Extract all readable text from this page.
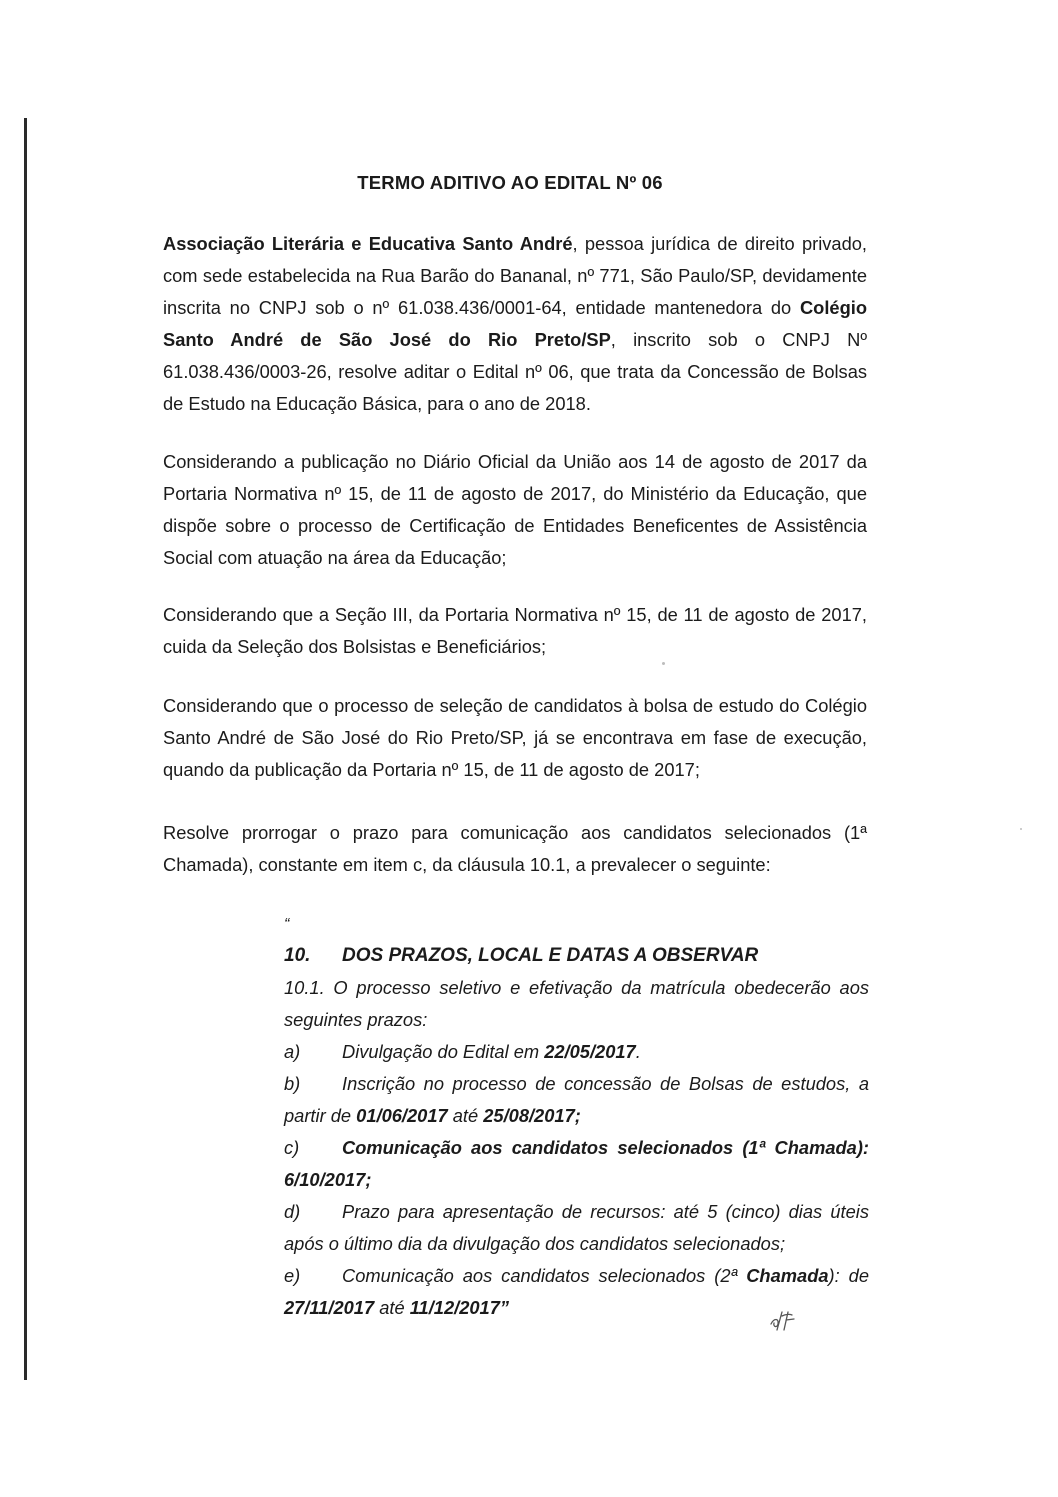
TERMO ADITIVO AO EDITAL Nº 06
Associação Literária e Educativa Santo André, pessoa jurídica de direito privado, com sede estabelecida na Rua Barão do Bananal, nº 771, São Paulo/SP, devidamente inscrita no CNPJ sob o nº 61.038.436/0001-64, entidade mantenedora do Colégio Santo André de São José do Rio Preto/SP, inscrito sob o CNPJ Nº 61.038.436/0003-26, resolve aditar o Edital nº 06, que trata da Concessão de Bolsas de Estudo na Educação Básica, para o ano de 2018.
Considerando a publicação no Diário Oficial da União aos 14 de agosto de 2017 da Portaria Normativa nº 15, de 11 de agosto de 2017, do Ministério da Educação, que dispõe sobre o processo de Certificação de Entidades Beneficentes de Assistência Social com atuação na área da Educação;
Considerando que a Seção III, da Portaria Normativa nº 15, de 11 de agosto de 2017, cuida da Seleção dos Bolsistas e Beneficiários;
Considerando que o processo de seleção de candidatos à bolsa de estudo do Colégio Santo André de São José do Rio Preto/SP, já se encontrava em fase de execução, quando da publicação da Portaria nº 15, de 11 de agosto de 2017;
Resolve prorrogar o prazo para comunicação aos candidatos selecionados (1ª Chamada), constante em item c, da cláusula 10.1, a prevalecer o seguinte:
“
10. DOS PRAZOS, LOCAL E DATAS A OBSERVAR
10.1. O processo seletivo e efetivação da matrícula obedecerão aos seguintes prazos:
a) Divulgação do Edital em 22/05/2017.
b) Inscrição no processo de concessão de Bolsas de estudos, a partir de 01/06/2017 até 25/08/2017;
c) Comunicação aos candidatos selecionados (1ª Chamada): 6/10/2017;
d) Prazo para apresentação de recursos: até 5 (cinco) dias úteis após o último dia da divulgação dos candidatos selecionados;
e) Comunicação aos candidatos selecionados (2ª Chamada): de 27/11/2017 até 11/12/2017”
